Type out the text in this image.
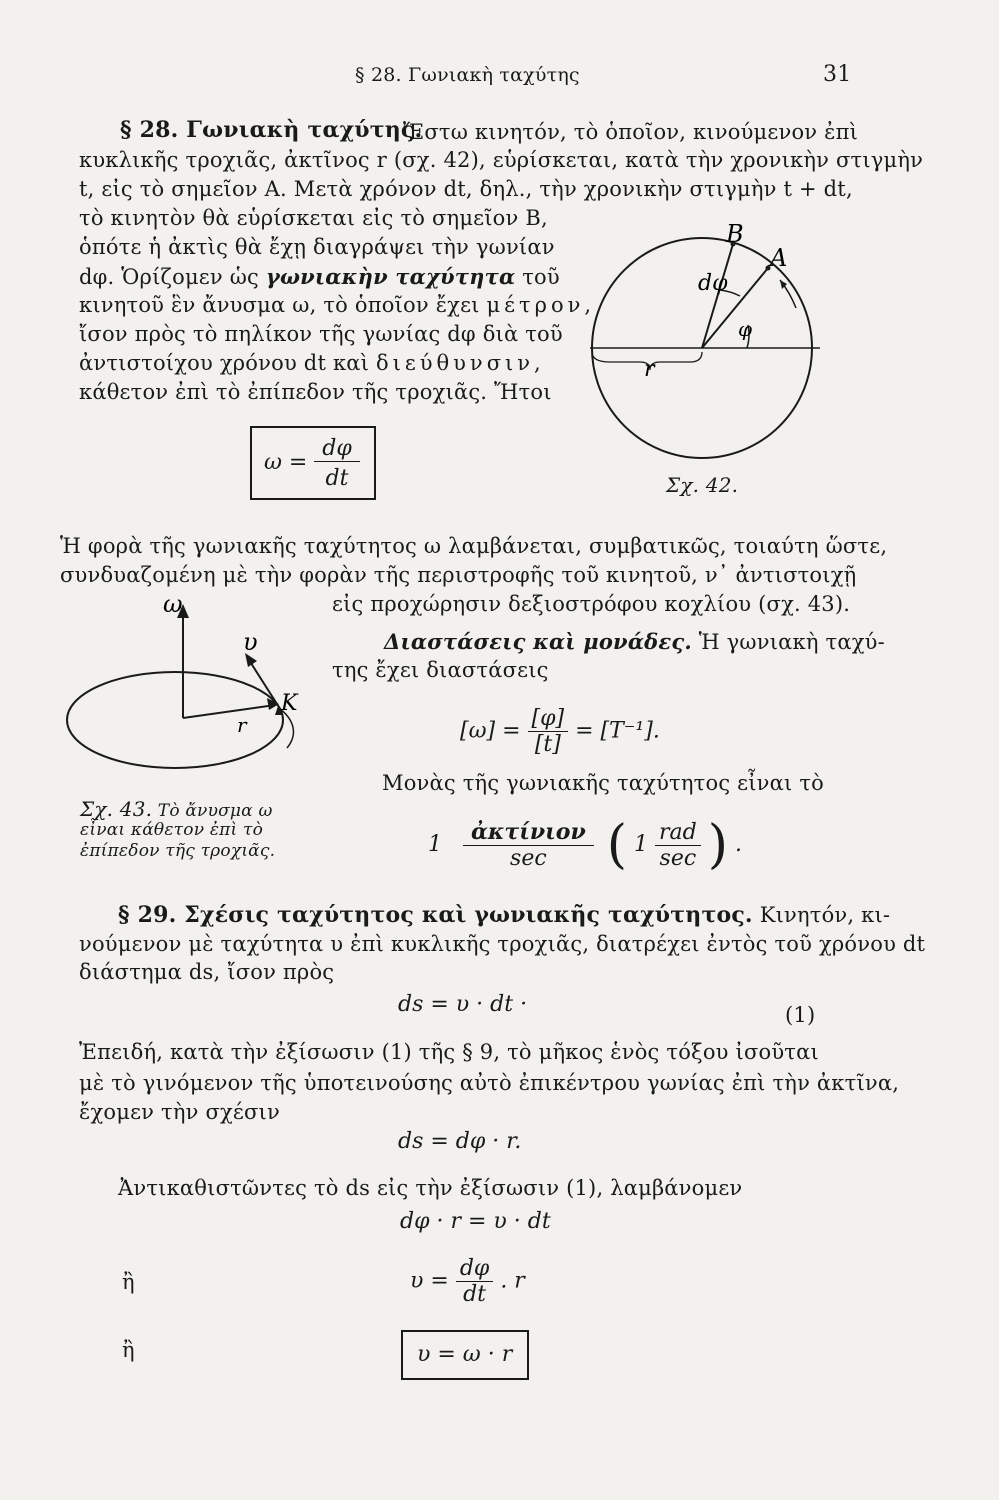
§ 28. Γωνιακὴ ταχύτης	31
§ 28. Γωνιακὴ ταχύτης.
Ἔστω κινητόν, τὸ ὁποῖον, κινούμενον ἐπὶ
κυκλικῆς τροχιᾶς, ἀκτῖνος r (σχ. 42), εὑρίσκεται, κατὰ τὴν χρονικὴν στιγμὴν
t, εἰς τὸ σημεῖον A. Μετὰ χρόνον dt, δηλ., τὴν χρονικὴν στιγμὴν t + dt,
τὸ κινητὸν θὰ εὑρίσκεται εἰς τὸ σημεῖον B,
ὁπότε ἡ ἀκτὶς θὰ ἔχῃ διαγράψει τὴν γωνίαν
dφ. Ὁρίζομεν ὡς γωνιακὴν ταχύτητα τοῦ
κινητοῦ ἓν ἄνυσμα ω, τὸ ὁποῖον ἔχει μέτρον,
ἴσον πρὸς τὸ πηλίκον τῆς γωνίας dφ διὰ τοῦ
ἀντιστοίχου χρόνου dt καὶ διεύθυνσιν,
κάθετον ἐπὶ τὸ ἐπίπεδον τῆς τροχιᾶς. Ἤτοι
ω =
dφ
dt
B
A
dφ
φ
r
Σχ. 42.
Ἡ φορὰ τῆς γωνιακῆς ταχύτητος ω λαμβάνεται, συμβατικῶς, τοιαύτη ὥστε,
συνδυαζομένη μὲ τὴν φορὰν τῆς περιστροφῆς τοῦ κινητοῦ, ν᾽ ἀντιστοιχῇ
εἰς προχώρησιν δεξιοστρόφου κοχλίου (σχ. 43).
ω
υ
K
r
Σχ. 43. Τὸ ἄνυσμα ω
εἶναι κάθετον ἐπὶ τὸ
ἐπίπεδον τῆς τροχιᾶς.
Διαστάσεις καὶ μονάδες. Ἡ γωνιακὴ ταχύ-
της ἔχει διαστάσεις
$[\omega] = \frac{[\varphi]}{[t]} = [T^{-1}]$.
Μονὰς τῆς γωνιακῆς ταχύτητος εἶναι τὸ
$1 \frac{\text{ἀκτίνιον}}{\sec}$ ( $1 \frac{\text{rad}}{\sec}$ ) .
§ 29. Σχέσις ταχύτητος καὶ γωνιακῆς ταχύτητος. Κινητόν, κι-
νούμενον μὲ ταχύτητα υ ἐπὶ κυκλικῆς τροχιᾶς, διατρέχει ἐντὸς τοῦ χρόνου dt
διάστημα ds, ἴσον πρὸς
ds = υ · dt ·	(1)
Ἐπειδή, κατὰ τὴν ἐξίσωσιν (1) τῆς § 9, τὸ μῆκος ἑνὸς τόξου ἰσοῦται
μὲ τὸ γινόμενον τῆς ὑποτεινούσης αὐτὸ ἐπικέντρου γωνίας ἐπὶ τὴν ἀκτῖνα,
ἔχομεν τὴν σχέσιν
ds = dφ · r.
Ἀντικαθιστῶντες τὸ ds εἰς τὴν ἐξίσωσιν (1), λαμβάνομεν
dφ · r = υ · dt
ἢ	$\upsilon = \frac{d\varphi}{dt}$ . r
ἢ	υ = ω · r
